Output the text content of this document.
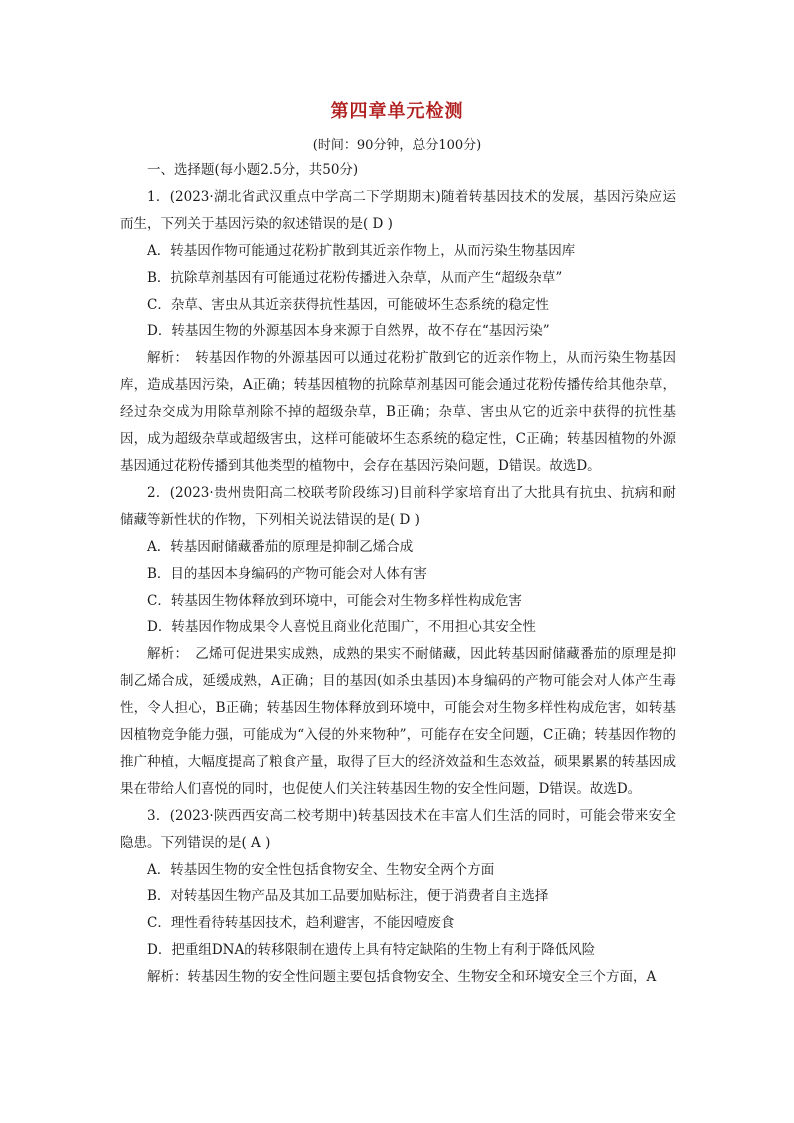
第四章单元检测
(时间：90分钟，总分100分)

一、选择题(每小题2.5分，共50分)

1．(2023·湖北省武汉重点中学高二下学期期末)随着转基因技术的发展，基因污染应运而生，下列关于基因污染的叙述错误的是( D )

A．转基因作物可能通过花粉扩散到其近亲作物上，从而污染生物基因库

B．抗除草剂基因有可能通过花粉传播进入杂草，从而产生“超级杂草”

C．杂草、害虫从其近亲获得抗性基因，可能破坏生态系统的稳定性

D．转基因生物的外源基因本身来源于自然界，故不存在“基因污染”

解析：　转基因作物的外源基因可以通过花粉扩散到它的近亲作物上，从而污染生物基因库，造成基因污染，A正确；转基因植物的抗除草剂基因可能会通过花粉传播传给其他杂草，经过杂交成为用除草剂除不掉的超级杂草，B正确；杂草、害虫从它的近亲中获得的抗性基因，成为超级杂草或超级害虫，这样可能破坏生态系统的稳定性，C正确；转基因植物的外源基因通过花粉传播到其他类型的植物中，会存在基因污染问题，D错误。故选D。

2．(2023·贵州贵阳高二校联考阶段练习)目前科学家培育出了大批具有抗虫、抗病和耐储藏等新性状的作物，下列相关说法错误的是( D )

A．转基因耐储藏番茄的原理是抑制乙烯合成

B．目的基因本身编码的产物可能会对人体有害

C．转基因生物体释放到环境中，可能会对生物多样性构成危害

D．转基因作物成果令人喜悦且商业化范围广，不用担心其安全性

解析：　乙烯可促进果实成熟，成熟的果实不耐储藏，因此转基因耐储藏番茄的原理是抑制乙烯合成，延缓成熟，A正确；目的基因(如杀虫基因)本身编码的产物可能会对人体产生毒性，令人担心，B正确；转基因生物体释放到环境中，可能会对生物多样性构成危害，如转基因植物竞争能力强，可能成为“入侵的外来物种”，可能存在安全问题，C正确；转基因作物的推广种植，大幅度提高了粮食产量，取得了巨大的经济效益和生态效益，硕果累累的转基因成果在带给人们喜悦的同时，也促使人们关注转基因生物的安全性问题，D错误。故选D。

3．(2023·陕西西安高二校考期中)转基因技术在丰富人们生活的同时，可能会带来安全隐患。下列错误的是( A )

A．转基因生物的安全性包括食物安全、生物安全两个方面

B．对转基因生物产品及其加工品要加贴标注，便于消费者自主选择

C．理性看待转基因技术，趋利避害，不能因噎废食

D．把重组DNA的转移限制在遗传上具有特定缺陷的生物上有利于降低风险

解析：转基因生物的安全性问题主要包括食物安全、生物安全和环境安全三个方面，A
